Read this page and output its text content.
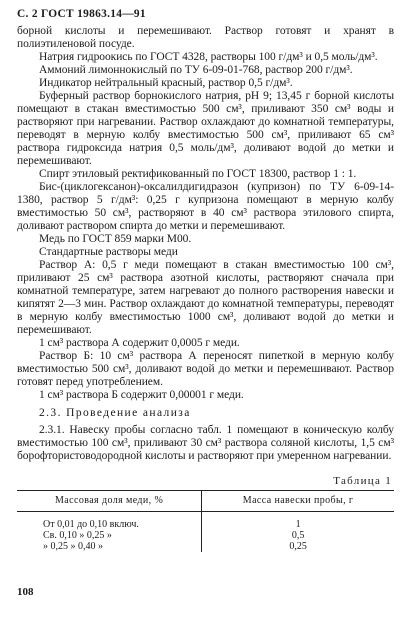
С. 2 ГОСТ 19863.14—91

борной кислоты и перемешивают. Раствор готовят и хранят в полиэтиленовой посуде.

Натрия гидроокись по ГОСТ 4328, растворы 100 г/дм³ и 0,5 моль/дм³.

Аммоний лимоннокислый по ТУ 6-09-01-768, раствор 200 г/дм³.

Индикатор нейтральный красный, раствор 0,5 г/дм³.

Буферный раствор борнокислого натрия, pH 9; 13,45 г борной кислоты помещают в стакан вместимостью 500 см³, приливают 350 см³ воды и растворяют при нагревании. Раствор охлаждают до комнатной температуры, переводят в мерную колбу вместимостью 500 см³, приливают 65 см³ раствора гидроксида натрия 0,5 моль/дм³, доливают водой до метки и перемешивают.

Спирт этиловый ректификованный по ГОСТ 18300, раствор 1 : 1.

Бис-(циклогексанон)-оксалилдигидразон (купризон) по ТУ 6-09-14-1380, раствор 5 г/дм³: 0,25 г купризона помещают в мерную колбу вместимостью 50 см³, растворяют в 40 см³ раствора этилового спирта, доливают раствором спирта до метки и перемешивают.

Медь по ГОСТ 859 марки М00.

Стандартные растворы меди

Раствор А: 0,5 г меди помещают в стакан вместимостью 100 см³, приливают 25 см³ раствора азотной кислоты, растворяют сначала при комнатной температуре, затем нагревают до полного растворения навески и кипятят 2—3 мин. Раствор охлаждают до комнатной температуры, переводят в мерную колбу вместимостью 1000 см³, доливают водой до метки и перемешивают.

1 см³ раствора А содержит 0,0005 г меди.

Раствор Б: 10 см³ раствора А переносят пипеткой в мерную колбу вместимостью 500 см³, доливают водой до метки и перемешивают. Раствор готовят перед употреблением.

1 см³ раствора Б содержит 0,00001 г меди.

2.3. Проведение анализа

2.3.1. Навеску пробы согласно табл. 1 помещают в коническую колбу вместимостью 100 см³, приливают 30 см³ раствора соляной кислоты, 1,5 см³ борофтористоводородной кислоты и растворяют при умеренном нагревании.

Таблица 1
Массовая доля меди, %	Масса навески пробы, г
От 0,01 до 0,10 включ.	1
Св. 0,10 » 0,25 »	0,5
» 0,25 » 0,40 »	0,25
108
